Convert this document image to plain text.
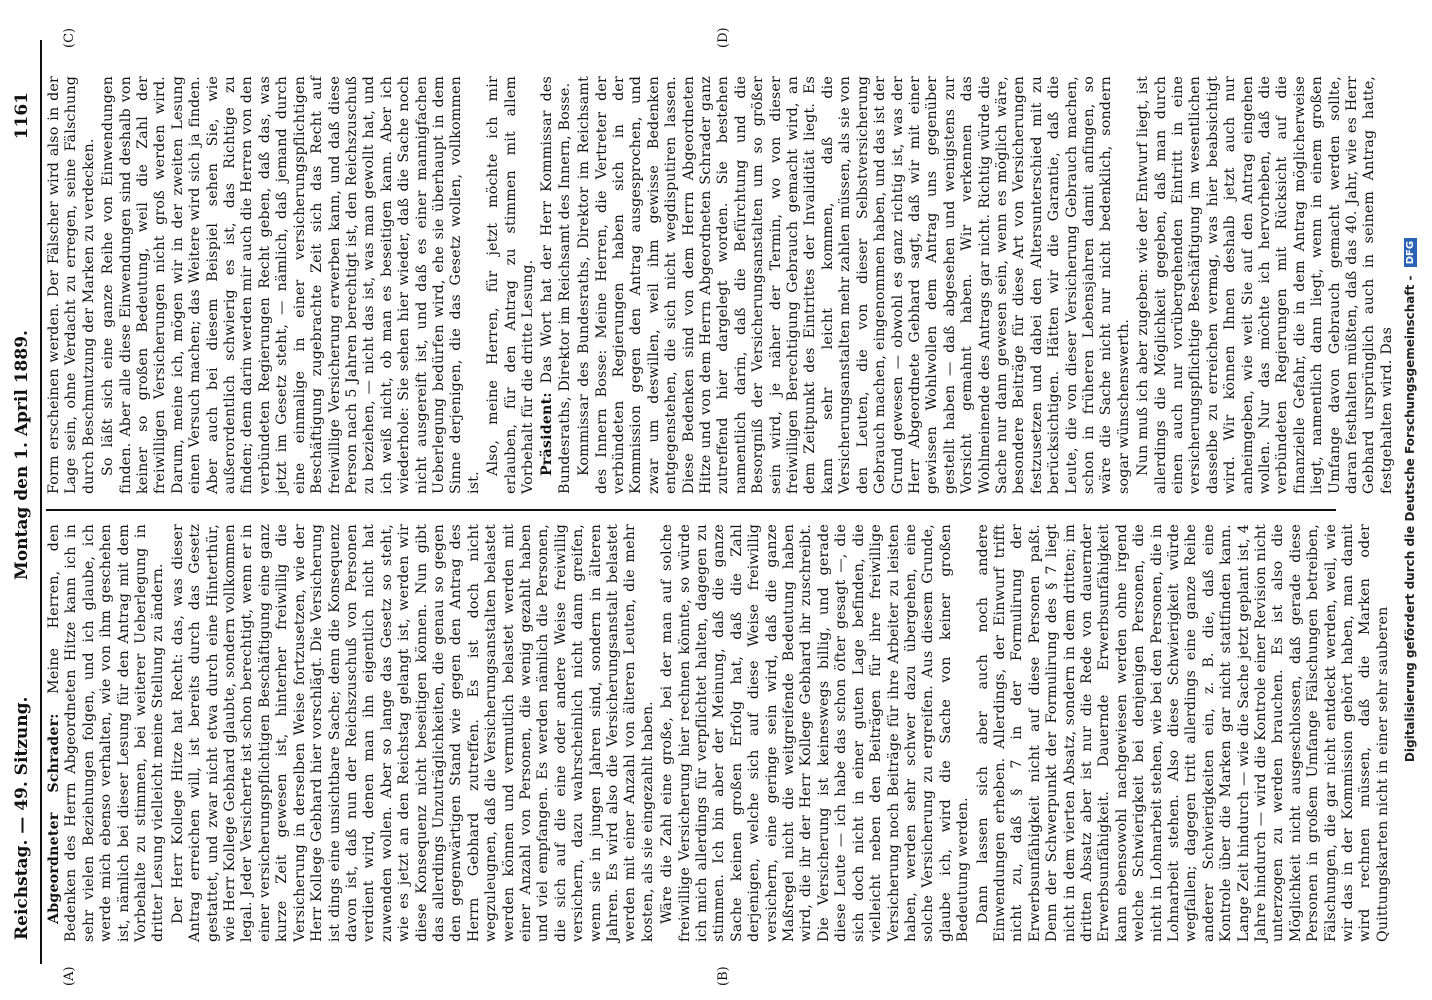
Reichstag. — 49. Sitzung.
Montag den 1. April 1889.
1161
(A)	(B)
(C)	(D)

Abgeordneter Schrader: Meine Herren, den Bedenken des Herrn Abgeordneten Hitze kann ich in sehr vielen Beziehungen folgen, und ich glaube, ich werde mich ebenso verhalten, wie von ihm geschehen ist, nämlich bei dieser Lesung für den Antrag mit dem Vorbehalte zu stimmen, bei weiterer Ueberlegung in dritter Lesung vielleicht meine Stellung zu ändern. Der Herr Kollege Hitze hat Recht: das, was dieser Antrag erreichen will, ist bereits durch das Gesetz gestattet, und zwar nicht etwa durch eine Hinterthür, wie Herr Kollege Gebhard glaubte, sondern vollkommen legal. Jeder Versicherte ist schon berechtigt, wenn er in einer versicherungspflichtigen Beschäftigung eine ganz kurze Zeit gewesen ist, hinterher freiwillig die Versicherung in derselben Weise fortzusetzen, wie der Herr Kollege Gebhard hier vorschlägt. Die Versicherung ist dings eine unsichtbare Sache; denn die Konsequenz davon ist, daß nun der Reichszuschuß von Personen verdient wird, denen man ihn eigentlich nicht hat zuwenden wollen. Aber so lange das Gesetz so steht, wie es jetzt an den Reichstag gelangt ist, werden wir diese Konsequenz nicht beseitigen können. Nun gibt das allerdings Unzuträglichkeiten, die genau so gegen den gegenwärtigen Stand wie gegen den Antrag des Herrn Gebhard zutreffen. Es ist doch nicht wegzuleugnen, daß die Versicherungsanstalten belastet werden können und vermutlich belastet werden mit einer Anzahl von Personen, die wenig gezahlt haben und viel empfangen. Es werden nämlich die Personen, die sich auf die eine oder andere Weise freiwillig versichern, dazu wahrscheinlich nicht dann greifen, wenn sie in jungen Jahren sind, sondern in älteren Jahren. Es wird also die Versicherungsanstalt belastet werden mit einer Anzahl von älteren Leuten, die mehr kosten, als sie eingezahlt haben. Wäre die Zahl eine große, bei der man auf solche freiwillige Versicherung hier rechnen könnte, so würde ich mich allerdings für verpflichtet halten, dagegen zu stimmen. Ich bin aber der Meinung, daß die ganze Sache keinen großen Erfolg hat, daß die Zahl derjenigen, welche sich auf diese Weise freiwillig versichern, eine geringe sein wird, daß die ganze Maßregel nicht die weitgreifende Bedeutung haben wird, die ihr der Herr Kollege Gebhard ihr zuschreibt. Die Versicherung ist keineswegs billig, und gerade diese Leute — ich habe das schon öfter gesagt —, die sich doch nicht in einer guten Lage befinden, die vielleicht neben den Beiträgen für ihre freiwillige Versicherung noch Beiträge für ihre Arbeiter zu leisten haben, werden sehr schwer dazu übergehen, eine solche Versicherung zu ergreifen. Aus diesem Grunde, glaube ich, wird die Sache von keiner großen Bedeutung werden. Dann lassen sich aber auch noch andere Einwendungen erheben. Allerdings, der Einwurf trifft nicht zu, daß § 7 in der Formulirung der Erwerbsunfähigkeit nicht auf diese Personen paßt. Denn der Schwerpunkt der Formulirung des § 7 liegt nicht in dem vierten Absatz, sondern in dem dritten; im dritten Absatz aber ist nur die Rede von dauernder Erwerbsunfähigkeit. Dauernde Erwerbsunfähigkeit kann ebensowohl nachgewiesen werden ohne irgend welche Schwierigkeit bei denjenigen Personen, die nicht in Lohnarbeit stehen, wie bei den Personen, die in Lohnarbeit stehen. Also diese Schwierigkeit würde wegfallen; dagegen tritt allerdings eine ganze Reihe anderer Schwierigkeiten ein, z. B. die, daß eine Kontrole über die Marken gar nicht stattfinden kann. Lange Zeit hindurch — wie die Sache jetzt geplant ist, 4 Jahre hindurch — wird die Kontrole einer Revision nicht unterzogen zu werden brauchen. Es ist also die Möglichkeit nicht ausgeschlossen, daß gerade diese Personen in großem Umfange Fälschungen betreiben, Fälschungen, die gar nicht entdeckt werden, weil, wie wir das in der Kommission gehört haben, man damit wird rechnen müssen, daß die Marken oder Quittungskarten nicht in einer sehr sauberen

Form erscheinen werden. Der Fälscher wird also in der Lage sein, ohne Verdacht zu erregen, seine Fälschung durch Beschmutzung der Marken zu verdecken. So läßt sich eine ganze Reihe von Einwendungen finden. Aber alle diese Einwendungen sind deshalb von keiner so großen Bedeutung, weil die Zahl der freiwilligen Versicherungen nicht groß werden wird. Darum, meine ich, mögen wir in der zweiten Lesung einen Versuch machen; das Weitere wird sich ja finden. Aber auch bei diesem Beispiel sehen Sie, wie außerordentlich schwierig es ist, das Richtige zu finden; denn darin werden mir auch die Herren von den verbündeten Regierungen Recht geben, daß das, was jetzt im Gesetz steht, — nämlich, daß jemand durch eine einmalige in einer versicherungspflichtigen Beschäftigung zugebrachte Zeit sich das Recht auf freiwillige Versicherung erwerben kann, und daß diese Person nach 5 Jahren berechtigt ist, den Reichszuschuß zu beziehen, — nicht das ist, was man gewollt hat, und ich weiß nicht, ob man es beseitigen kann. Aber ich wiederhole: Sie sehen hier wieder, daß die Sache noch nicht ausgereift ist, und daß es einer mannigfachen Ueberlegung bedürfen wird, ehe sie überhaupt in dem Sinne derjenigen, die das Gesetz wollen, vollkommen ist.

Also, meine Herren, für jetzt möchte ich mir erlauben, für den Antrag zu stimmen mit allem Vorbehalt für die dritte Lesung. Präsident: Das Wort hat der Herr Kommissar des Bundesraths, Direktor im Reichsamt des Innern, Bosse. Kommissar des Bundesraths, Direktor im Reichsamt des Innern Bosse: Meine Herren, die Vertreter der verbündeten Regierungen haben sich in der Kommission gegen den Antrag ausgesprochen, und zwar um deswillen, weil ihm gewisse Bedenken entgegenstehen, die sich nicht wegdisputiren lassen. Diese Bedenken sind von dem Herrn Abgeordneten Hitze und von dem Herrn Abgeordneten Schrader ganz zutreffend hier dargelegt worden. Sie bestehen namentlich darin, daß die Befürchtung und die Besorgniß der Versicherungsanstalten um so größer sein wird, je näher der Termin, wo von dieser freiwilligen Berechtigung Gebrauch gemacht wird, an dem Zeitpunkt des Eintrittes der Invalidität liegt. Es kann sehr leicht kommen, daß die Versicherungsanstalten mehr zahlen müssen, als sie von den Leuten, die von dieser Selbstversicherung Gebrauch machen, eingenommen haben, und das ist der Grund gewesen — obwohl es ganz richtig ist, was der Herr Abgeordnete Gebhard sagt, daß wir mit einer gewissen Wohlwollen dem Antrag uns gegenüber gestellt haben — daß abgesehen und wenigstens zur Vorsicht gemahnt haben. Wir verkennen das Wohlmeinende des Antrags gar nicht. Richtig würde die Sache nur dann gewesen sein, wenn es möglich wäre, besondere Beiträge für diese Art von Versicherungen festzusetzen und dabei den Altersunterschied mit zu berücksichtigen. Hätten wir die Garantie, daß die Leute, die von dieser Versicherung Gebrauch machen, schon in früheren Lebensjahren damit anfingen, so wäre die Sache nicht nur nicht bedenklich, sondern sogar wünschenswerth. Nun muß ich aber zugeben: wie der Entwurf liegt, ist allerdings die Möglichkeit gegeben, daß man durch einen auch nur vorübergehenden Eintritt in eine versicherungspflichtige Beschäftigung im wesentlichen dasselbe zu erreichen vermag, was hier beabsichtigt wird. Wir können Ihnen deshalb jetzt auch nur anheimgeben, wie weit Sie auf den Antrag eingehen wollen. Nur das möchte ich hervorheben, daß die verbündeten Regierungen mit Rücksicht auf die finanzielle Gefahr, die in dem Antrag möglicherweise liegt, namentlich dann liegt, wenn in einem großen Umfange davon Gebrauch gemacht werden sollte, daran festhalten müßten, daß das 40. Jahr, wie es Herr Gebhard ursprünglich auch in seinem Antrag hatte, festgehalten wird. Das Digitalisierung gefördert durch die Deutsche Forschungsgemeinschaft - DFG
